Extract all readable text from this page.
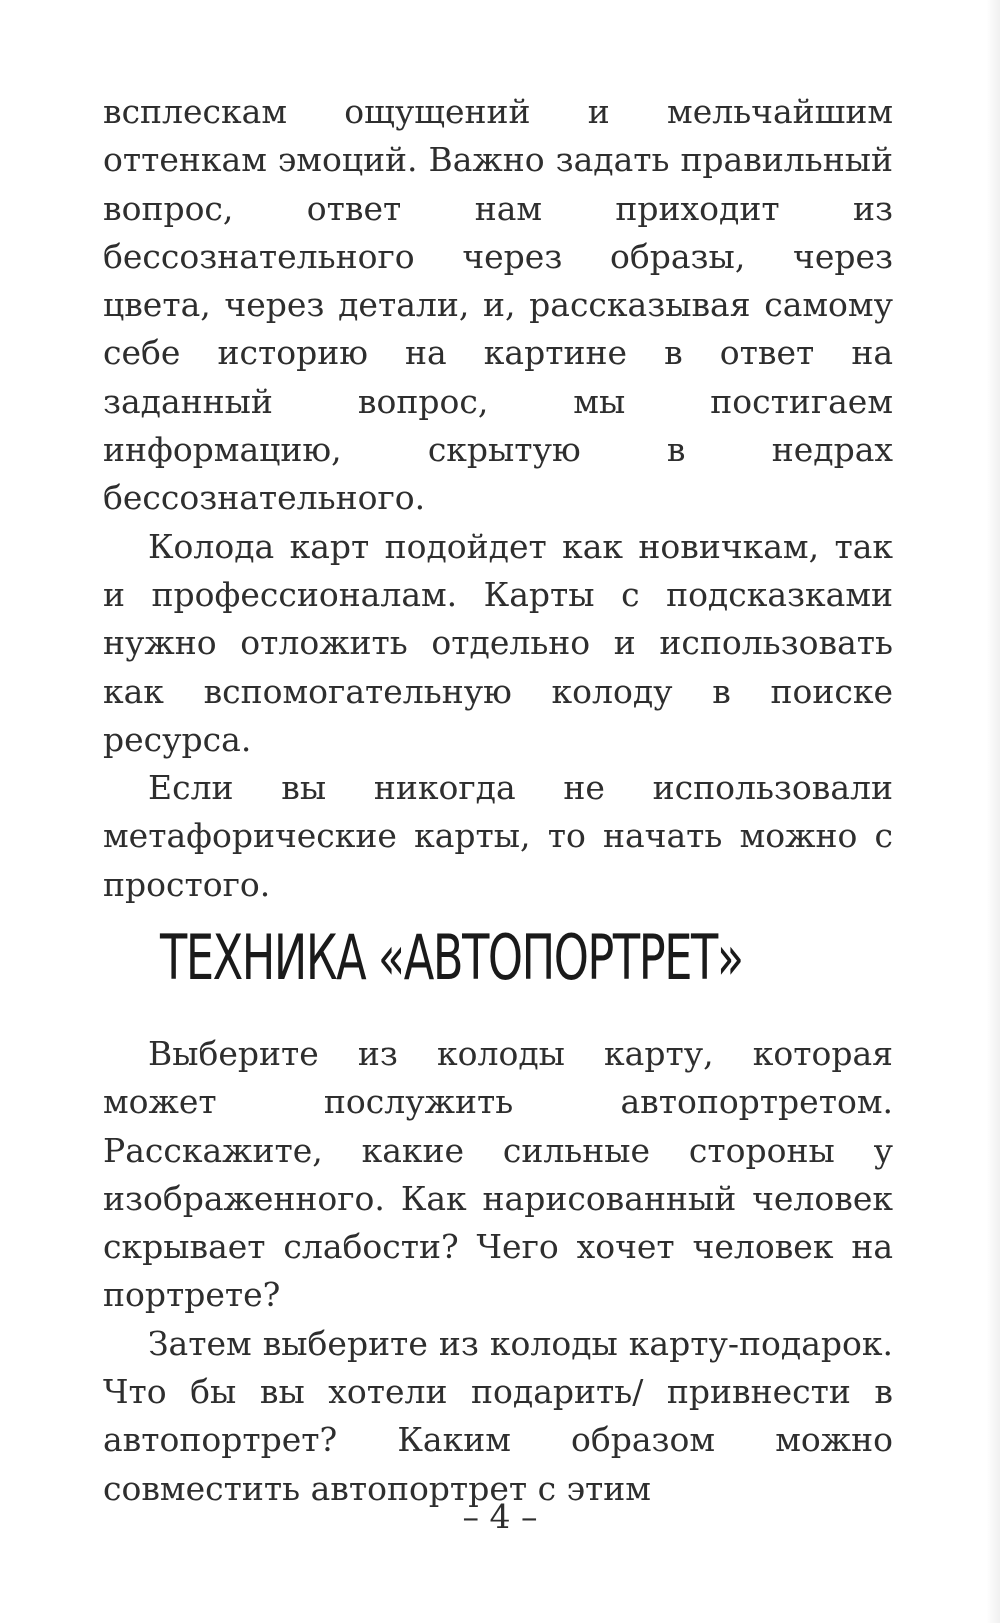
всплескам ощущений и мельчайшим оттенкам эмоций. Важно задать правильный вопрос, ответ нам приходит из бессознательного через образы, через цвета, через детали, и, рассказывая самому себе историю на картине в ответ на заданный вопрос, мы постигаем информацию, скрытую в недрах бессознательного.

Колода карт подойдет как новичкам, так и профессионалам. Карты с подсказками нужно отложить отдельно и использовать как вспомогательную колоду в поиске ресурса.

Если вы никогда не использовали метафорические карты, то начать можно с простого.

ТЕХНИКА «АВТОПОРТРЕТ»

Выберите из колоды карту, которая может послужить автопортретом. Расскажите, какие сильные стороны у изображенного. Как нарисованный человек скрывает слабости? Чего хочет человек на портрете?

Затем выберите из колоды карту-подарок. Что бы вы хотели подарить/ привнести в автопортрет? Каким образом можно совместить автопортрет с этим

– 4 –
